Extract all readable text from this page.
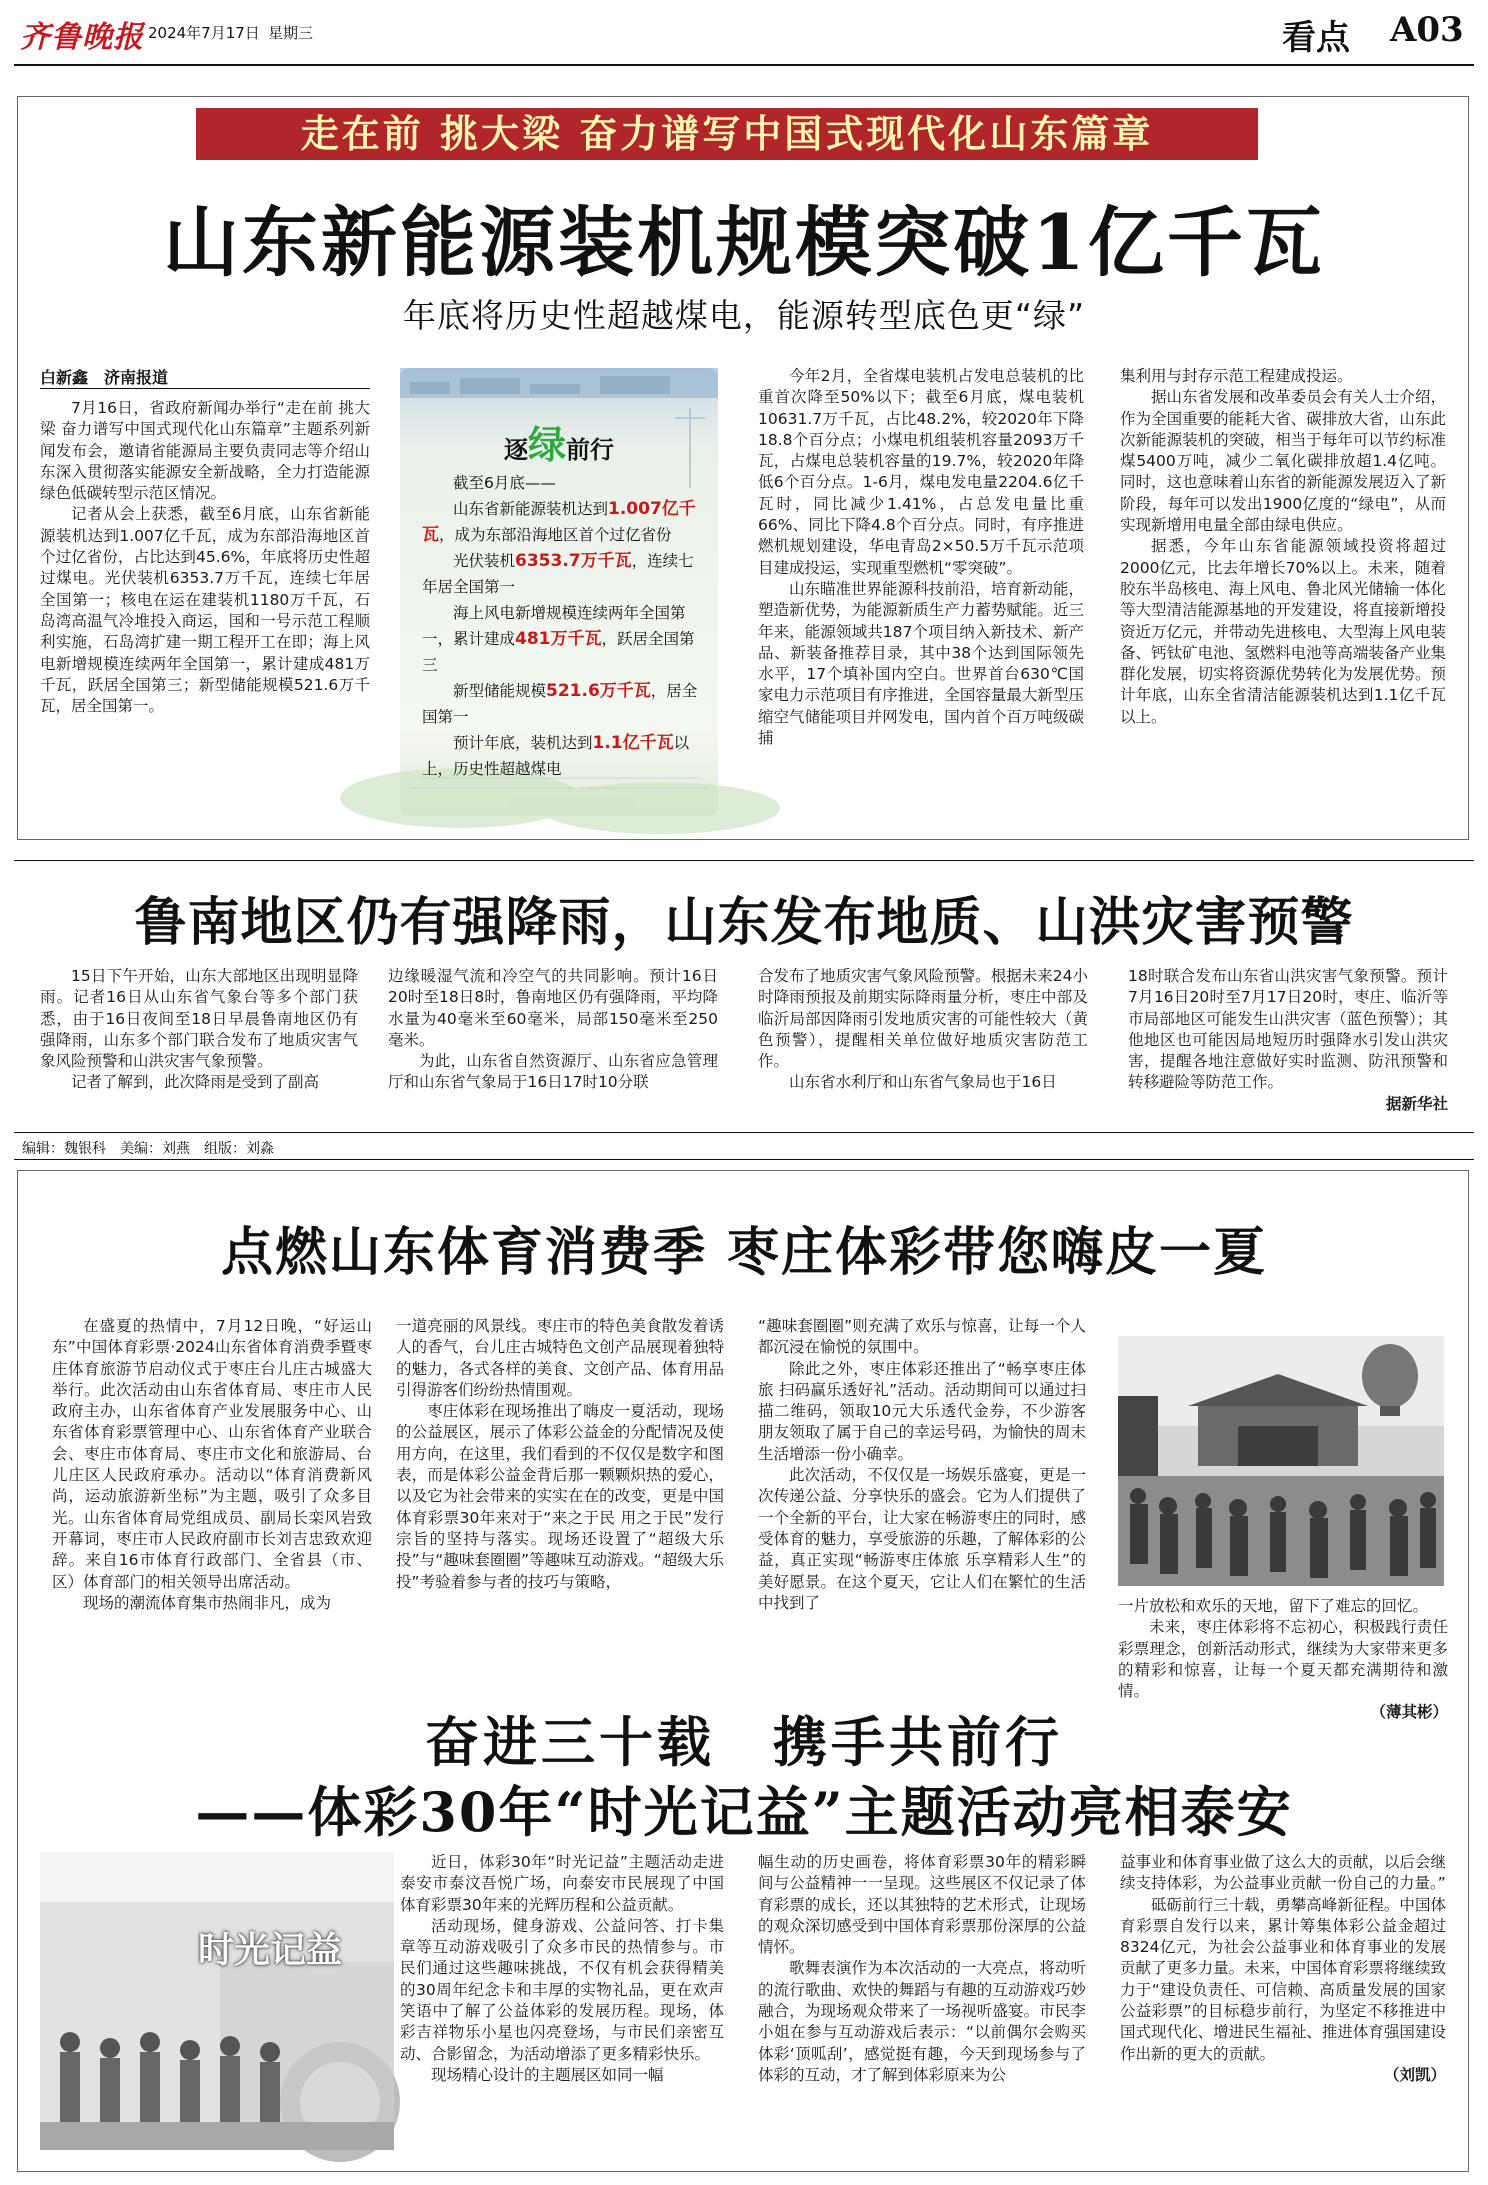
齐鲁晚报 2024年7月17日 星期三	看点 A03
走在前 挑大梁 奋力谱写中国式现代化山东篇章
山东新能源装机规模突破1亿千瓦
年底将历史性超越煤电，能源转型底色更“绿”
白新鑫　济南报道

7月16日，省政府新闻办举行“走在前 挑大梁 奋力谱写中国式现代化山东篇章”主题系列新闻发布会，邀请省能源局主要负责同志等介绍山东深入贯彻落实能源安全新战略，全力打造能源绿色低碳转型示范区情况。

记者从会上获悉，截至6月底，山东省新能源装机达到1.007亿千瓦，成为东部沿海地区首个过亿省份，占比达到45.6%，年底将历史性超过煤电。光伏装机6353.7万千瓦，连续七年居全国第一；核电在运在建装机1180万千瓦，石岛湾高温气冷堆投入商运，国和一号示范工程顺利实施，石岛湾扩建一期工程开工在即；海上风电新增规模连续两年全国第一，累计建成481万千瓦，跃居全国第三；新型储能规模521.6万千瓦，居全国第一。

逐绿前行

截至6月底——

山东省新能源装机达到1.007亿千瓦，成为东部沿海地区首个过亿省份

光伏装机6353.7万千瓦，连续七年居全国第一

海上风电新增规模连续两年全国第一，累计建成481万千瓦，跃居全国第三

新型储能规模521.6万千瓦，居全国第一

预计年底，装机达到1.1亿千瓦以上，历史性超越煤电

今年2月，全省煤电装机占发电总装机的比重首次降至50%以下；截至6月底，煤电装机10631.7万千瓦，占比48.2%，较2020年下降18.8个百分点；小煤电机组装机容量2093万千瓦，占煤电总装机容量的19.7%，较2020年降低6个百分点。1-6月，煤电发电量2204.6亿千瓦时，同比减少1.41%，占总发电量比重66%、同比下降4.8个百分点。同时，有序推进燃机规划建设，华电青岛2×50.5万千瓦示范项目建成投运，实现重型燃机“零突破”。

山东瞄准世界能源科技前沿，培育新动能，塑造新优势，为能源新质生产力蓄势赋能。近三年来，能源领域共187个项目纳入新技术、新产品、新装备推荐目录，其中38个达到国际领先水平，17个填补国内空白。世界首台630℃国家电力示范项目有序推进，全国容量最大新型压缩空气储能项目并网发电，国内首个百万吨级碳捕

集利用与封存示范工程建成投运。

据山东省发展和改革委员会有关人士介绍，作为全国重要的能耗大省、碳排放大省，山东此次新能源装机的突破，相当于每年可以节约标准煤5400万吨，减少二氧化碳排放超1.4亿吨。同时，这也意味着山东省的新能源发展迈入了新阶段，每年可以发出1900亿度的“绿电”，从而实现新增用电量全部由绿电供应。

据悉，今年山东省能源领域投资将超过2000亿元，比去年增长70%以上。未来，随着胶东半岛核电、海上风电、鲁北风光储输一体化等大型清洁能源基地的开发建设，将直接新增投资近万亿元，并带动先进核电、大型海上风电装备、钙钛矿电池、氢燃料电池等高端装备产业集群化发展，切实将资源优势转化为发展优势。预计年底，山东全省清洁能源装机达到1.1亿千瓦以上。

鲁南地区仍有强降雨，山东发布地质、山洪灾害预警

15日下午开始，山东大部地区出现明显降雨。记者16日从山东省气象台等多个部门获悉，由于16日夜间至18日早晨鲁南地区仍有强降雨，山东多个部门联合发布了地质灾害气象风险预警和山洪灾害气象预警。

记者了解到，此次降雨是受到了副高

边缘暖湿气流和冷空气的共同影响。预计16日20时至18日8时，鲁南地区仍有强降雨，平均降水量为40毫米至60毫米，局部150毫米至250毫米。

为此，山东省自然资源厅、山东省应急管理厅和山东省气象局于16日17时10分联

合发布了地质灾害气象风险预警。根据未来24小时降雨预报及前期实际降雨量分析，枣庄中部及临沂局部因降雨引发地质灾害的可能性较大（黄色预警），提醒相关单位做好地质灾害防范工作。

山东省水利厅和山东省气象局也于16日

18时联合发布山东省山洪灾害气象预警。预计7月16日20时至7月17日20时，枣庄、临沂等市局部地区可能发生山洪灾害（蓝色预警）；其他地区也可能因局地短历时强降水引发山洪灾害，提醒各地注意做好实时监测、防汛预警和转移避险等防范工作。

据新华社

编辑：魏银科　美编：刘燕　组版：刘淼
点燃山东体育消费季 枣庄体彩带您嗨皮一夏

在盛夏的热情中，7月12日晚，“好运山东”中国体育彩票·2024山东省体育消费季暨枣庄体育旅游节启动仪式于枣庄台儿庄古城盛大举行。此次活动由山东省体育局、枣庄市人民政府主办，山东省体育产业发展服务中心、山东省体育彩票管理中心、山东省体育产业联合会、枣庄市体育局、枣庄市文化和旅游局、台儿庄区人民政府承办。活动以“体育消费新风尚，运动旅游新坐标”为主题，吸引了众多目光。山东省体育局党组成员、副局长栾风岩致开幕词，枣庄市人民政府副市长刘吉忠致欢迎辞。来自16市体育行政部门、全省县（市、区）体育部门的相关领导出席活动。

现场的潮流体育集市热闹非凡，成为

一道亮丽的风景线。枣庄市的特色美食散发着诱人的香气，台儿庄古城特色文创产品展现着独特的魅力，各式各样的美食、文创产品、体育用品引得游客们纷纷热情围观。

枣庄体彩在现场推出了嗨皮一夏活动，现场的公益展区，展示了体彩公益金的分配情况及使用方向，在这里，我们看到的不仅仅是数字和图表，而是体彩公益金背后那一颗颗炽热的爱心，以及它为社会带来的实实在在的改变，更是中国体育彩票30年来对于“来之于民 用之于民”发行宗旨的坚持与落实。现场还设置了“超级大乐投”与“趣味套圈圈”等趣味互动游戏。“超级大乐投”考验着参与者的技巧与策略，

“趣味套圈圈”则充满了欢乐与惊喜，让每一个人都沉浸在愉悦的氛围中。

除此之外，枣庄体彩还推出了“畅享枣庄体旅 扫码赢乐透好礼”活动。活动期间可以通过扫描二维码，领取10元大乐透代金券，不少游客朋友领取了属于自己的幸运号码，为愉快的周末生活增添一份小确幸。

此次活动，不仅仅是一场娱乐盛宴，更是一次传递公益、分享快乐的盛会。它为人们提供了一个全新的平台，让大家在畅游枣庄的同时，感受体育的魅力，享受旅游的乐趣，了解体彩的公益，真正实现“畅游枣庄体旅 乐享精彩人生”的美好愿景。在这个夏天，它让人们在繁忙的生活中找到了	一片放松和欢乐的天地，留下了难忘的回忆。

未来，枣庄体彩将不忘初心，积极践行责任彩票理念，创新活动形式，继续为大家带来更多的精彩和惊喜，让每一个夏天都充满期待和激情。

（薄其彬）

奋进三十载　携手共前行
——体彩30年“时光记益”主题活动亮相泰安
时光记益

近日，体彩30年“时光记益”主题活动走进泰安市泰汶吾悦广场，向泰安市民展现了中国体育彩票30年来的光辉历程和公益贡献。

活动现场，健身游戏、公益问答、打卡集章等互动游戏吸引了众多市民的热情参与。市民们通过这些趣味挑战，不仅有机会获得精美的30周年纪念卡和丰厚的实物礼品，更在欢声笑语中了解了公益体彩的发展历程。现场，体彩吉祥物乐小星也闪亮登场，与市民们亲密互动、合影留念，为活动增添了更多精彩快乐。

现场精心设计的主题展区如同一幅

幅生动的历史画卷，将体育彩票30年的精彩瞬间与公益精神一一呈现。这些展区不仅记录了体育彩票的成长，还以其独特的艺术形式，让现场的观众深切感受到中国体育彩票那份深厚的公益情怀。

歌舞表演作为本次活动的一大亮点，将动听的流行歌曲、欢快的舞蹈与有趣的互动游戏巧妙融合，为现场观众带来了一场视听盛宴。市民李小姐在参与互动游戏后表示：“以前偶尔会购买体彩‘顶呱刮’，感觉挺有趣，今天到现场参与了体彩的互动，才了解到体彩原来为公

益事业和体育事业做了这么大的贡献，以后会继续支持体彩，为公益事业贡献一份自己的力量。”

砥砺前行三十载，勇攀高峰新征程。中国体育彩票自发行以来，累计筹集体彩公益金超过8324亿元，为社会公益事业和体育事业的发展贡献了更多力量。未来，中国体育彩票将继续致力于“建设负责任、可信赖、高质量发展的国家公益彩票”的目标稳步前行，为坚定不移推进中国式现代化、增进民生福祉、推进体育强国建设作出新的更大的贡献。

（刘凯）
